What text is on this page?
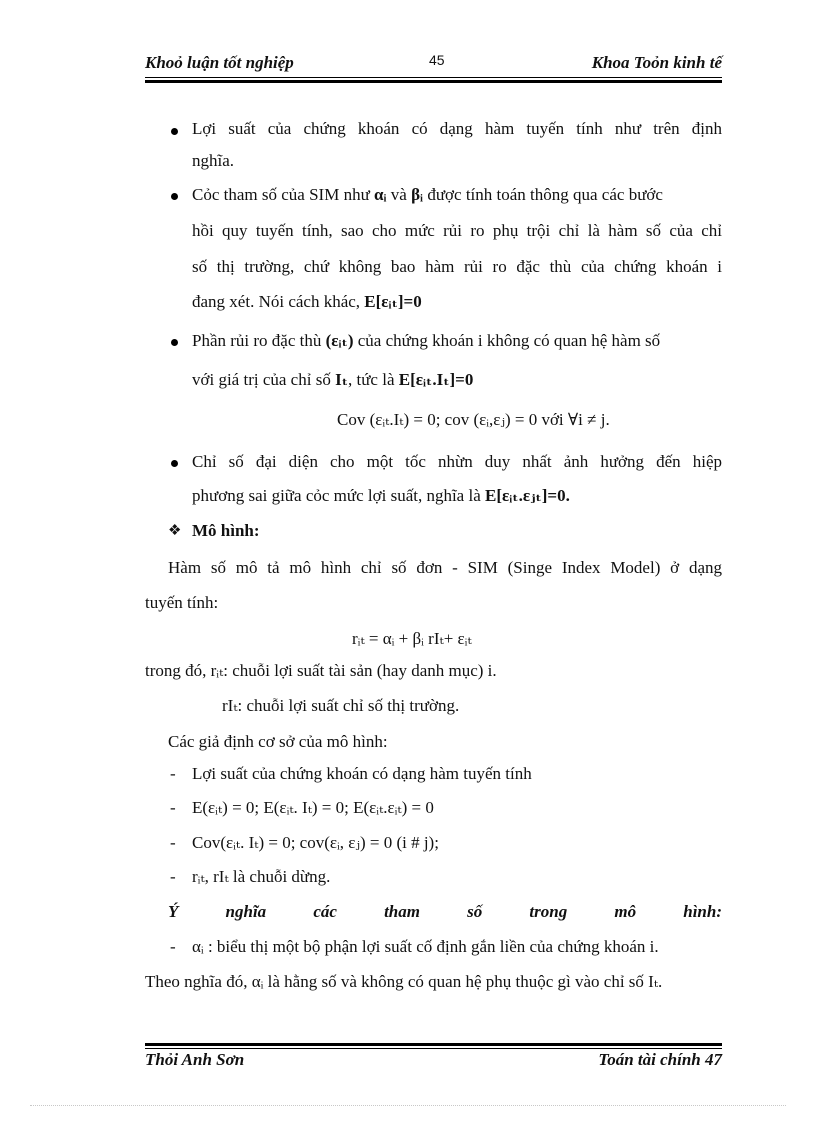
Khoỏ luận tốt nghiệp	45	Khoa Toỏn kinh tế
Lợi suất của chứng khoán có dạng hàm tuyến tính như trên định
nghĩa.
Cỏc tham số của SIM như αᵢ và βᵢ được tính toán thông qua các bước
hồi quy tuyến tính, sao cho mức rủi ro phụ trội chỉ là hàm số của chỉ
số thị trường, chứ không bao hàm rủi ro đặc thù của chứng khoán i
đang xét. Nói cách khác, E[εᵢₜ]=0
Phần rủi ro đặc thù (εᵢₜ) của chứng khoán i không có quan hệ hàm số
với giá trị của chỉ số Iₜ, tức là E[εᵢₜ.Iₜ]=0
Cov (εᵢₜ.Iₜ) = 0; cov (εᵢ,εⱼ) = 0 với ∀i ≠ j.
Chỉ số đại diện cho một tốc nhừn duy nhất ảnh hưởng đến hiệp
phương sai giữa cỏc mức lợi suất, nghĩa là E[εᵢₜ.εⱼₜ]=0.
❖ Mô hình:
Hàm số mô tả mô hình chỉ số đơn - SIM (Singe Index Model) ở dạng
tuyến tính:
rᵢₜ = αᵢ + βᵢ rIₜ+ εᵢₜ
trong đó, rᵢₜ: chuỗi lợi suất tài sản (hay danh mục) i.
rIₜ: chuỗi lợi suất chỉ số thị trường.
Các giả định cơ sở của mô hình:
- Lợi suất của chứng khoán có dạng hàm tuyến tính
- E(εᵢₜ) = 0; E(εᵢₜ. Iₜ) = 0; E(εᵢₜ.εᵢₜ) = 0
- Cov(εᵢₜ. Iₜ) = 0; cov(εᵢ, εⱼ) = 0 (i # j);
- rᵢₜ, rIₜ là chuỗi dừng.
Ý nghĩa các tham số trong mô hình:
- αᵢ : biểu thị một bộ phận lợi suất cố định gắn liền của chứng khoán i.
Theo nghĩa đó, αᵢ là hằng số và không có quan hệ phụ thuộc gì vào chỉ số Iₜ.
Thỏi Anh Sơn	Toán tài chính 47
